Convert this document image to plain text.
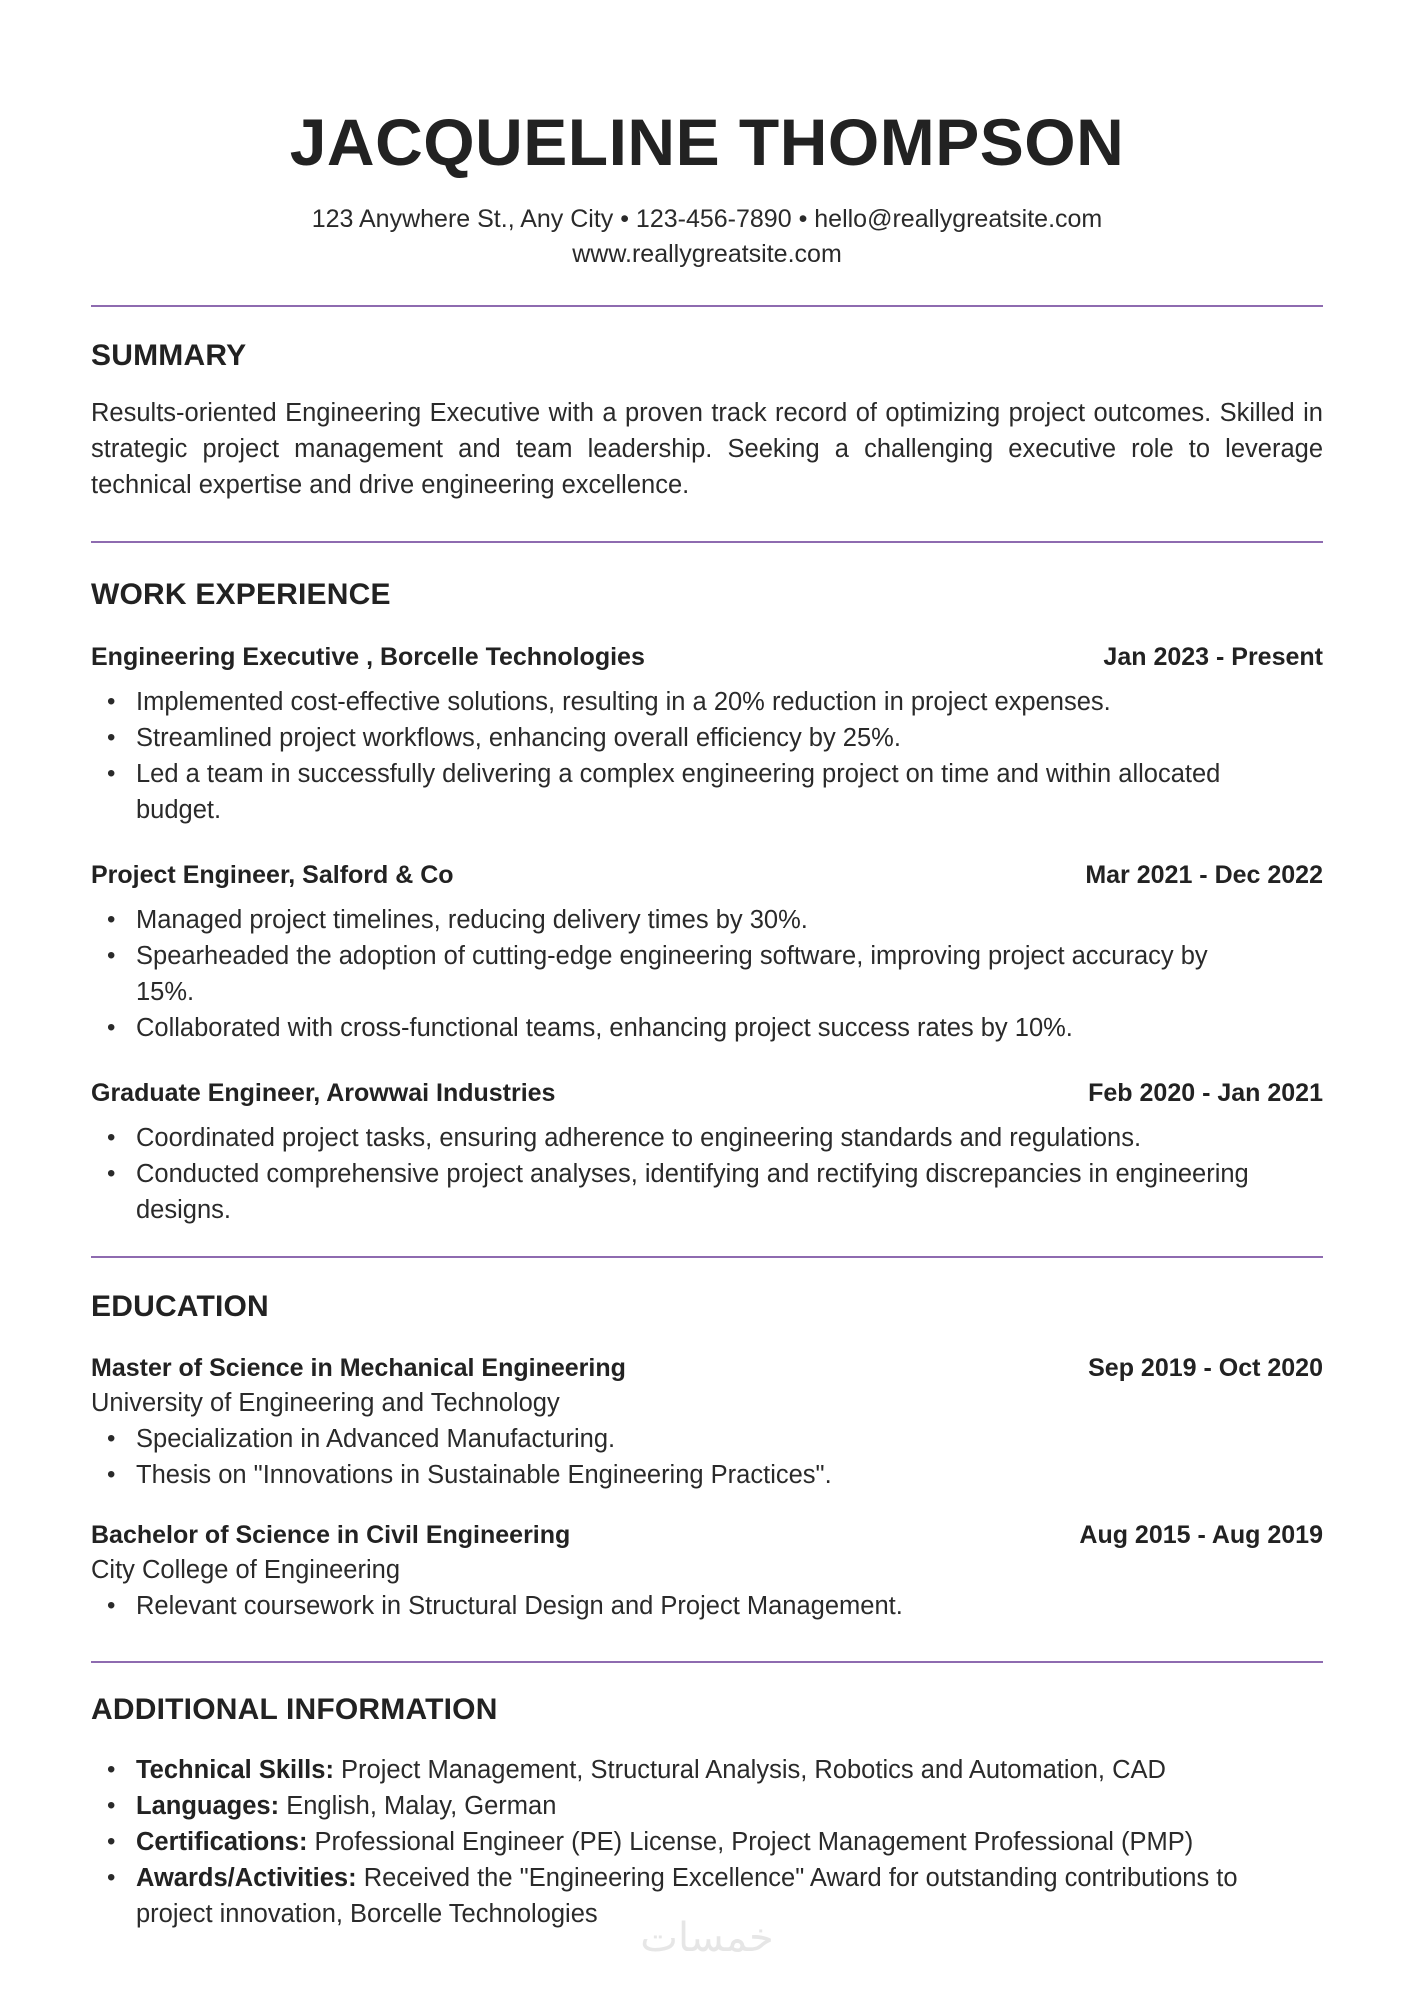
JACQUELINE THOMPSON
123 Anywhere St., Any City • 123-456-7890 • hello@reallygreatsite.com
www.reallygreatsite.com
SUMMARY

Results-oriented Engineering Executive with a proven track record of optimizing project outcomes. Skilled in strategic project management and team leadership. Seeking a challenging executive role to leverage technical expertise and drive engineering excellence.

WORK EXPERIENCE
Engineering Executive , Borcelle Technologies	Jan 2023 - Present
• Implemented cost-effective solutions, resulting in a 20% reduction in project expenses.
• Streamlined project workflows, enhancing overall efficiency by 25%.
• Led a team in successfully delivering a complex engineering project on time and within allocated budget.
Project Engineer, Salford & Co	Mar 2021 - Dec 2022
• Managed project timelines, reducing delivery times by 30%.
• Spearheaded the adoption of cutting-edge engineering software, improving project accuracy by 15%.
• Collaborated with cross-functional teams, enhancing project success rates by 10%.
Graduate Engineer, Arowwai Industries	Feb 2020 - Jan 2021
• Coordinated project tasks, ensuring adherence to engineering standards and regulations.
• Conducted comprehensive project analyses, identifying and rectifying discrepancies in engineering designs.
EDUCATION
Master of Science in Mechanical Engineering	Sep 2019 - Oct 2020
University of Engineering and Technology
• Specialization in Advanced Manufacturing.
• Thesis on "Innovations in Sustainable Engineering Practices".
Bachelor of Science in Civil Engineering	Aug 2015 - Aug 2019
City College of Engineering
• Relevant coursework in Structural Design and Project Management.
ADDITIONAL INFORMATION
• Technical Skills: Project Management, Structural Analysis, Robotics and Automation, CAD
• Languages: English, Malay, German
• Certifications: Professional Engineer (PE) License, Project Management Professional (PMP)
• Awards/Activities: Received the "Engineering Excellence" Award for outstanding contributions to project innovation, Borcelle Technologies
خمسات
